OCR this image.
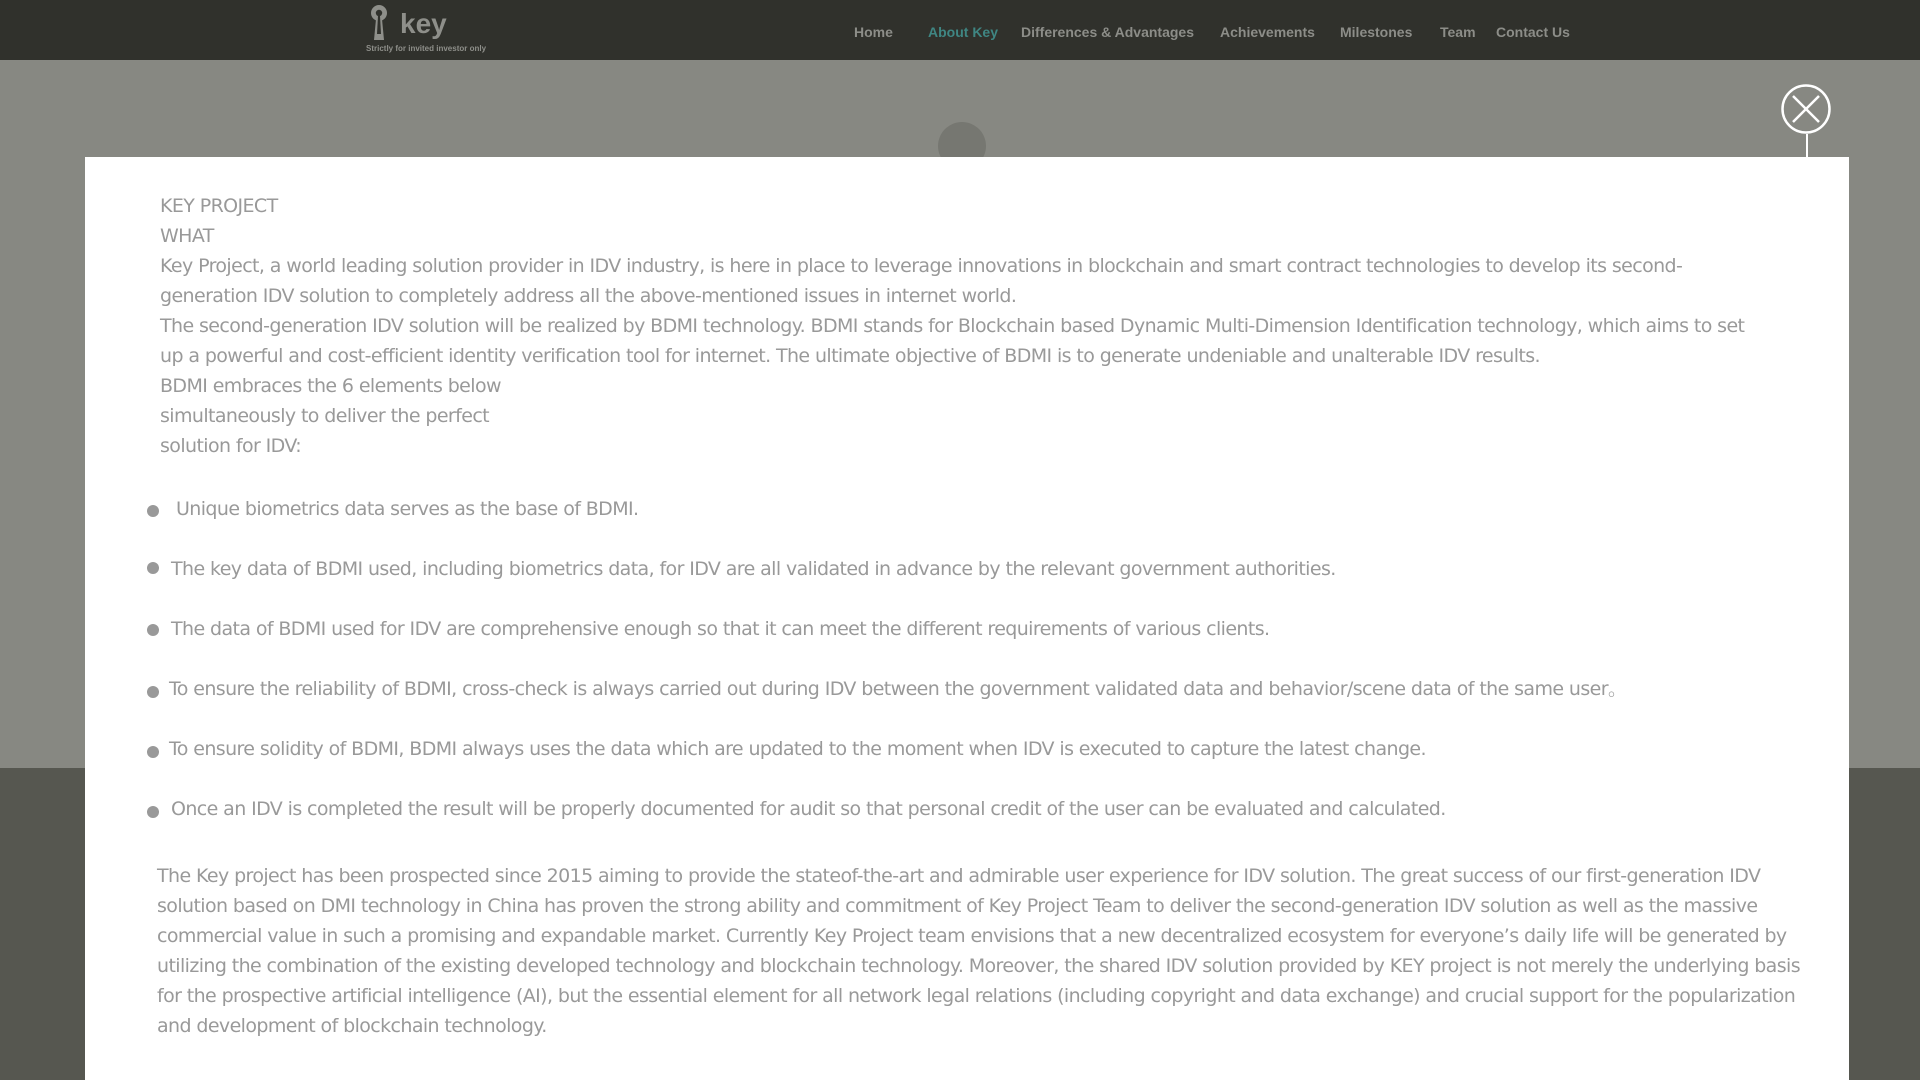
key
Strictly for invited investor only
Home	About Key Differences & Advantages Achievements Milestones Team Contact Us

KEY PROJECT

WHAT

Key Project, a world leading solution provider in IDV industry, is here in place to leverage innovations in blockchain and smart contract technologies to develop its second-generation IDV solution to completely address all the above-mentioned issues in internet world.

The second-generation IDV solution will be realized by BDMI technology. BDMI stands for Blockchain based Dynamic Multi-Dimension Identification technology, which aims to set up a powerful and cost-efficient identity verification tool for internet. The ultimate objective of BDMI is to generate undeniable and unalterable IDV results.

BDMI embraces the 6 elements below

simultaneously to deliver the perfect

solution for IDV:

Unique biometrics data serves as the base of BDMI.
The key data of BDMI used, including biometrics data, for IDV are all validated in advance by the relevant government authorities.
The data of BDMI used for IDV are comprehensive enough so that it can meet the different requirements of various clients.
To ensure the reliability of BDMI, cross-check is always carried out during IDV between the government validated data and behavior/scene data of the same user。
To ensure solidity of BDMI, BDMI always uses the data which are updated to the moment when IDV is executed to capture the latest change.
Once an IDV is completed the result will be properly documented for audit so that personal credit of the user can be evaluated and calculated.

The Key project has been prospected since 2015 aiming to provide the stateof-the-art and admirable user experience for IDV solution. The great success of our first-generation IDV solution based on DMI technology in China has proven the strong ability and commitment of Key Project Team to deliver the second-generation IDV solution as well as the massive commercial value in such a promising and expandable market. Currently Key Project team envisions that a new decentralized ecosystem for everyone’s daily life will be generated by utilizing the combination of the existing developed technology and blockchain technology. Moreover, the shared IDV solution provided by KEY project is not merely the underlying basis for the prospective artificial intelligence (AI), but the essential element for all network legal relations (including copyright and data exchange) and crucial support for the popularization and development of blockchain technology.
